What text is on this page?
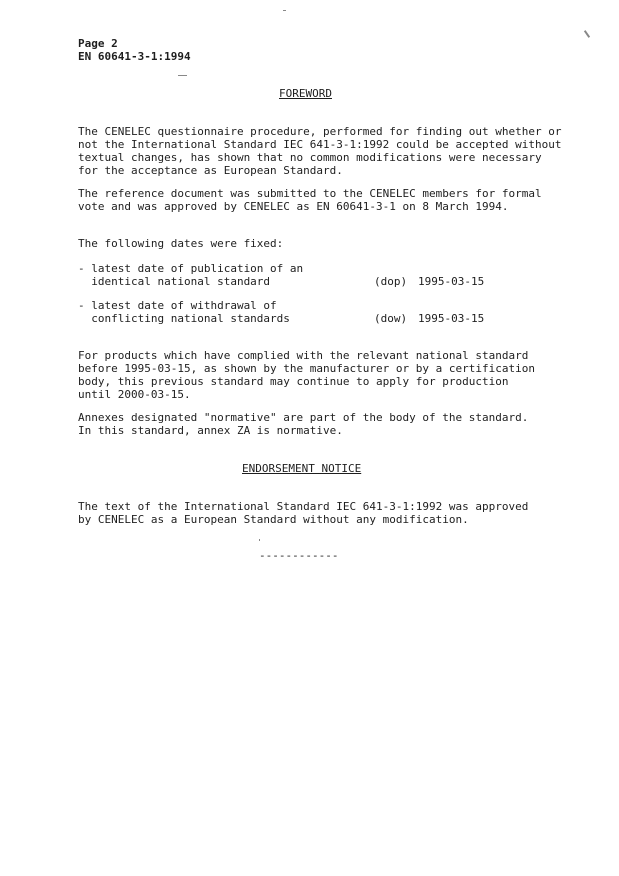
Page 2
EN 60641-3-1:1994
FOREWORD
The CENELEC questionnaire procedure, performed for finding out whether or
not the International Standard IEC 641-3-1:1992 could be accepted without
textual changes, has shown that no common modifications were necessary
for the acceptance as European Standard.
The reference document was submitted to the CENELEC members for formal
vote and was approved by CENELEC as EN 60641-3-1 on 8 March 1994.
The following dates were fixed:
- latest date of publication of an
identical national standard	(dop) 1995-03-15
- latest date of withdrawal of
conflicting national standards	(dow) 1995-03-15
For products which have complied with the relevant national standard
before 1995-03-15, as shown by the manufacturer or by a certification
body, this previous standard may continue to apply for production
until 2000-03-15.
Annexes designated "normative" are part of the body of the standard.
In this standard, annex ZA is normative.
ENDORSEMENT NOTICE
The text of the International Standard IEC 641-3-1:1992 was approved
by CENELEC as a European Standard without any modification.
------------
